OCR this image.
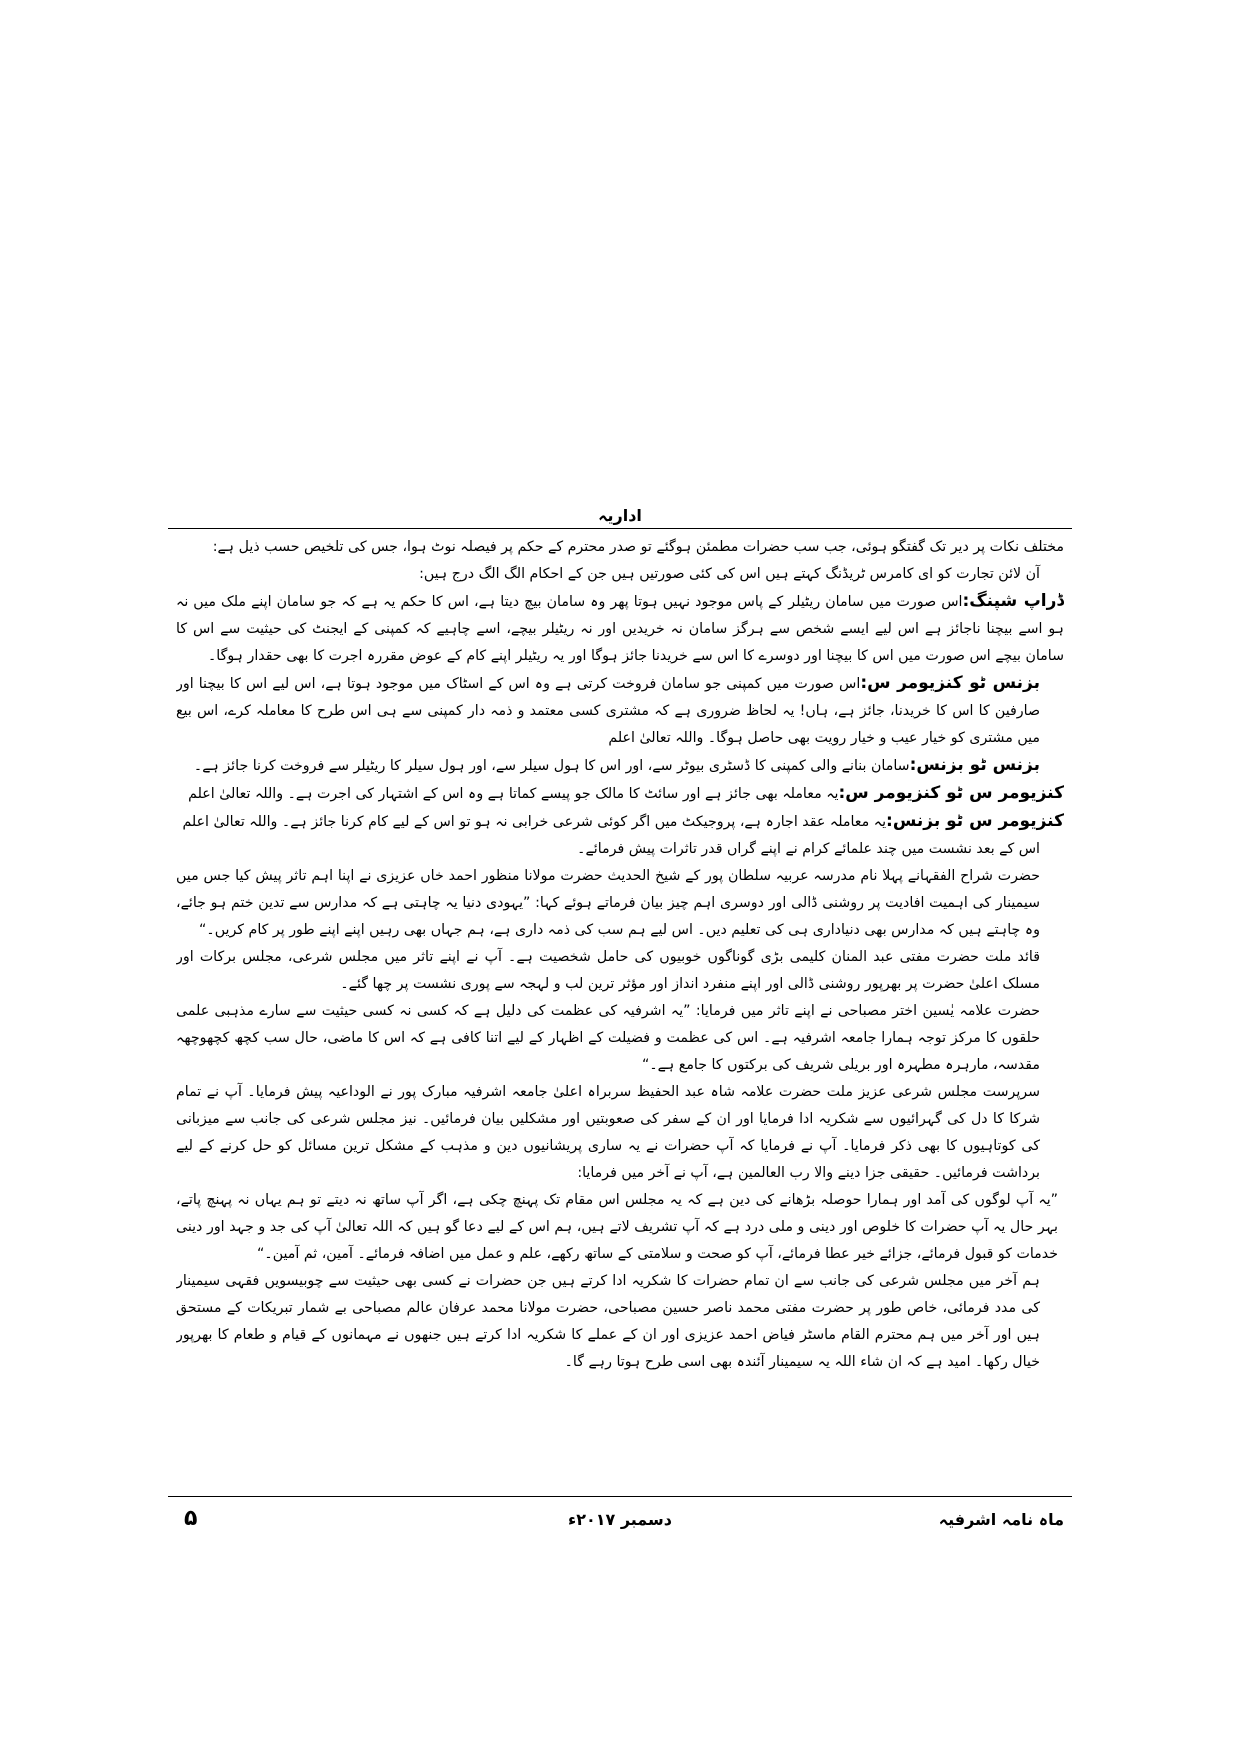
اداریہ

مختلف نکات پر دیر تک گفتگو ہوئی، جب سب حضرات مطمئن ہوگئے تو صدر محترم کے حکم پر فیصلہ نوٹ ہوا، جس کی تلخیص حسب ذیل ہے:

آن لائن تجارت کو ای کامرس ٹریڈنگ کہتے ہیں اس کی کئی صورتیں ہیں جن کے احکام الگ الگ درج ہیں:

ڈراپ شپنگ:اس صورت میں سامان ریٹیلر کے پاس موجود نہیں ہوتا پھر وہ سامان بیچ دیتا ہے، اس کا حکم یہ ہے کہ جو سامان اپنے ملک میں نہ ہو اسے بیچنا ناجائز ہے اس لیے ایسے شخص سے ہرگز سامان نہ خریدیں اور نہ ریٹیلر بیچے، اسے چاہیے کہ کمپنی کے ایجنٹ کی حیثیت سے اس کا سامان بیچے اس صورت میں اس کا بیچنا اور دوسرے کا اس سے خریدنا جائز ہوگا اور یہ ریٹیلر اپنے کام کے عوض مقررہ اجرت کا بھی حقدار ہوگا۔

بزنس ٹو کنزیومر س:اس صورت میں کمپنی جو سامان فروخت کرتی ہے وہ اس کے اسٹاک میں موجود ہوتا ہے، اس لیے اس کا بیچنا اور صارفین کا اس کا خریدنا، جائز ہے، ہاں! یہ لحاظ ضروری ہے کہ مشتری کسی معتمد و ذمہ دار کمپنی سے ہی اس طرح کا معاملہ کرے، اس بیع میں مشتری کو خیار عیب و خیار رویت بھی حاصل ہوگا۔ واللہ تعالیٰ اعلم

بزنس ٹو بزنس:سامان بنانے والی کمپنی کا ڈسٹری بیوٹر سے، اور اس کا ہول سیلر سے، اور ہول سیلر کا ریٹیلر سے فروخت کرنا جائز ہے۔

کنزیومر س ٹو کنزیومر س:یہ معاملہ بھی جائز ہے اور سائٹ کا مالک جو پیسے کماتا ہے وہ اس کے اشتہار کی اجرت ہے۔ واللہ تعالیٰ اعلم

کنزیومر س ٹو بزنس:یہ معاملہ عقد اجارہ ہے، پروجیکٹ میں اگر کوئی شرعی خرابی نہ ہو تو اس کے لیے کام کرنا جائز ہے۔ واللہ تعالیٰ اعلم

اس کے بعد نشست میں چند علمائے کرام نے اپنے گراں قدر تاثرات پیش فرمائے۔

حضرت شراح الفقہانے پہلا نام مدرسہ عربیہ سلطان پور کے شیخ الحدیث حضرت مولانا منظور احمد خاں عزیزی نے اپنا اہم تاثر پیش کیا جس میں سیمینار کی اہمیت افادیت پر روشنی ڈالی اور دوسری اہم چیز بیان فرماتے ہوئے کہا: ”یہودی دنیا یہ چاہتی ہے کہ مدارس سے تدین ختم ہو جائے، وہ چاہتے ہیں کہ مدارس بھی دنیاداری ہی کی تعلیم دیں۔ اس لیے ہم سب کی ذمہ داری ہے، ہم جہاں بھی رہیں اپنے اپنے طور پر کام کریں۔“

قائد ملت حضرت مفتی عبد المنان کلیمی بڑی گوناگوں خوبیوں کی حامل شخصیت ہے۔ آپ نے اپنے تاثر میں مجلس شرعی، مجلس برکات اور مسلک اعلیٰ حضرت پر بھرپور روشنی ڈالی اور اپنے منفرد انداز اور مؤثر ترین لب و لہجہ سے پوری نشست پر چھا گئے۔

حضرت علامہ یٰسین اختر مصباحی نے اپنے تاثر میں فرمایا: ”یہ اشرفیہ کی عظمت کی دلیل ہے کہ کسی نہ کسی حیثیت سے سارے مذہبی علمی حلقوں کا مرکز توجہ ہمارا جامعہ اشرفیہ ہے۔ اس کی عظمت و فضیلت کے اظہار کے لیے اتنا کافی ہے کہ اس کا ماضی، حال سب کچھ کچھوچھہ مقدسہ، مارہرہ مطہرہ اور بریلی شریف کی برکتوں کا جامع ہے۔“

سرپرست مجلس شرعی عزیز ملت حضرت علامہ شاہ عبد الحفیظ سربراہ اعلیٰ جامعہ اشرفیہ مبارک پور نے الوداعیہ پیش فرمایا۔ آپ نے تمام شرکا کا دل کی گہرائیوں سے شکریہ ادا فرمایا اور ان کے سفر کی صعوبتیں اور مشکلیں بیان فرمائیں۔ نیز مجلس شرعی کی جانب سے میزبانی کی کوتاہیوں کا بھی ذکر فرمایا۔ آپ نے فرمایا کہ آپ حضرات نے یہ ساری پریشانیوں دین و مذہب کے مشکل ترین مسائل کو حل کرنے کے لیے برداشت فرمائیں۔ حقیقی جزا دینے والا رب العالمین ہے، آپ نے آخر میں فرمایا:

”یہ آپ لوگوں کی آمد اور ہمارا حوصلہ بڑھانے کی دین ہے کہ یہ مجلس اس مقام تک پہنچ چکی ہے، اگر آپ ساتھ نہ دیتے تو ہم یہاں نہ پہنچ پاتے، بہر حال یہ آپ حضرات کا خلوص اور دینی و ملی درد ہے کہ آپ تشریف لاتے ہیں، ہم اس کے لیے دعا گو ہیں کہ اللہ تعالیٰ آپ کی جد و جہد اور دینی خدمات کو قبول فرمائے، جزائے خیر عطا فرمائے، آپ کو صحت و سلامتی کے ساتھ رکھے، علم و عمل میں اضافہ فرمائے۔ آمین، ثم آمین۔“

ہم آخر میں مجلس شرعی کی جانب سے ان تمام حضرات کا شکریہ ادا کرتے ہیں جن حضرات نے کسی بھی حیثیت سے چوبیسویں فقہی سیمینار کی مدد فرمائی، خاص طور پر حضرت مفتی محمد ناصر حسین مصباحی، حضرت مولانا محمد عرفان عالم مصباحی بے شمار تبریکات کے مستحق ہیں اور آخر میں ہم محترم القام ماسٹر فیاض احمد عزیزی اور ان کے عملے کا شکریہ ادا کرتے ہیں جنھوں نے مہمانوں کے قیام و طعام کا بھرپور خیال رکھا۔ امید ہے کہ ان شاء اللہ یہ سیمینار آئندہ بھی اسی طرح ہوتا رہے گا۔

ماہ نامہ اشرفیہ
دسمبر ۲۰۱۷ء
۵
